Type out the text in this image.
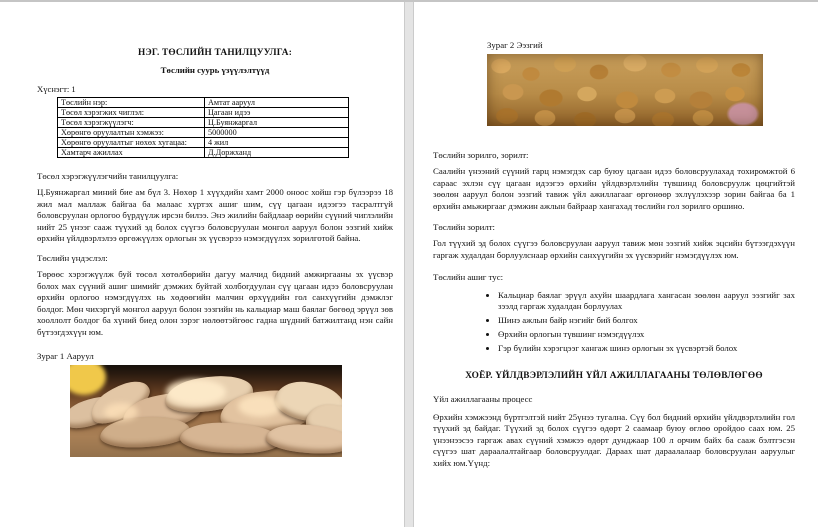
НЭГ. ТӨСЛИЙН ТАНИЛЦУУЛГА:
Төслийн суурь үзүүлэлтүүд
Хүснэгт: 1
Төслийн нэр:	Амтат ааруул
Төсөл хэрэгжих чиглэл:	Цагаан идээ
Төсөл хэрэгжүүлэгч:	Ц.Буянжаргал
Хөрөнгө оруулалтын хэмжээ:	5000000
Хөрөнгө оруулалтыг нөхөх хугацаа:	4 жил
Хамтарч ажиллах	Д.Доржханд
Төсөл хэрэгжүүлэгчийн танилцуулга:

Ц.Буянжаргал миний бие ам бүл 3. Нөхөр 1 хүүхдийн хамт 2000 оноос хойш гэр бүлээрээ 18 жил мал маллаж байгаа ба малаас хүртэх ашиг шим, сүү цагаан идээгээ тасралтгүй боловсруулан орлогоо бүрдүүлж ирсэн билээ. Энэ жилийн байдлаар өөрийн сүүний чиглэлийн нийт 25 үнээг сааж түүхий эд болох сүүгээ боловсруулан монгол ааруул болон ээзгий хийж өрхийн үйлдвэрлэлээ өргөжүүлэх орлогын эх үүсвэрээ нэмэгдүүлэх зорилготой байна.

Төслийн үндэслэл:

Төрөөс хэрэгжүүлж буй төсөл хөтөлбөрийн дагуу малчид бидний амжиргааны эх үүсвэр болох мах сүүний ашиг шимийг дэмжих буйтай холбогдуулан сүү цагаан идээ боловсруулан өрхийн орлогоо нэмэгдүүлэх нь хөдөөгийн малчин өрхүүдийн гол санхүүгийн дэмжлэг болдог. Мөн чихэргүй монгол ааруул болон ээзгийн нь кальциар маш баялаг бөгөөд эрүүл зөв хооллолт болдог ба хүний биед олон зэрэг нөлөөтэйгөөс гадна шүдний батжилтанд нэн сайн бүтээгдэхүүн юм.

Зураг 1 Ааруул
Зураг 2 Ээзгий
Төслийн зорилго, зорилт:

Саалийн үнээний сүүний гарц нэмэгдэх сар буюу цагаан идээ боловсруулахад тохиромжтой 6 сараас эхлэн сүү цагаан идээгээ өрхийн үйлдвэрлэлийн түвшинд боловсруулж цөцгийтэй зөөлөн ааруул болон ээзгий тавиж үйл ажиллагааг өргөнөөр эхлүүлэхээр зорин байгаа ба 1 өрхийн амьжиргааг дэмжин ажлын байраар хангахад төслийн гол зорилго оршино.

Төслийн зорилт:

Гол түүхий эд болох сүүгээ боловсруулан ааруул тавиж мөн ээзгий хийж эцсийн бүтээгдэхүүн гаргаж худалдан борлуулснаар өрхийн санхүүгийн эх үүсвэрийг нэмэгдүүлэх юм.

Төслийн ашиг тус:
• Кальциар баялаг эрүүл ахуйн шаардлага хангасан зөөлөн ааруул ээзгийг зах зээлд гаргаж худалдан борлуулах
• Шинэ ажлын байр нэгийг бий болгох
• Өрхийн орлогын түвшинг нэмэгдүүлэх
• Гэр бүлийн хэрэгцээг хангаж шинэ орлогын эх үүсвэртэй болох
ХОЁР. ҮЙЛДВЭРЛЭЛИЙН ҮЙЛ АЖИЛЛАГААНЫ ТӨЛӨВЛӨГӨӨ
Үйл ажиллагааны процесс

Өрхийн хэмжээнд бүртгэлтэй нийт 25үнээ тугална. Сүү бол бидний өрхийн үйлдвэрлэлийн гол түүхий эд байдаг. Түүхий эд болох сүүгээ өдөрт 2 саамаар буюу өглөө оройдоо саах юм. 25 үнээнээсээ гаргаж авах сүүний хэмжээ өдөрт дунджаар 100 л орчим байх ба сааж бэлтгэсэн сүүгээ шат дараалалтайгаар боловсруулдаг. Дараах шат дараалалаар боловсруулан ааруулыг хийх юм.Үүнд:
